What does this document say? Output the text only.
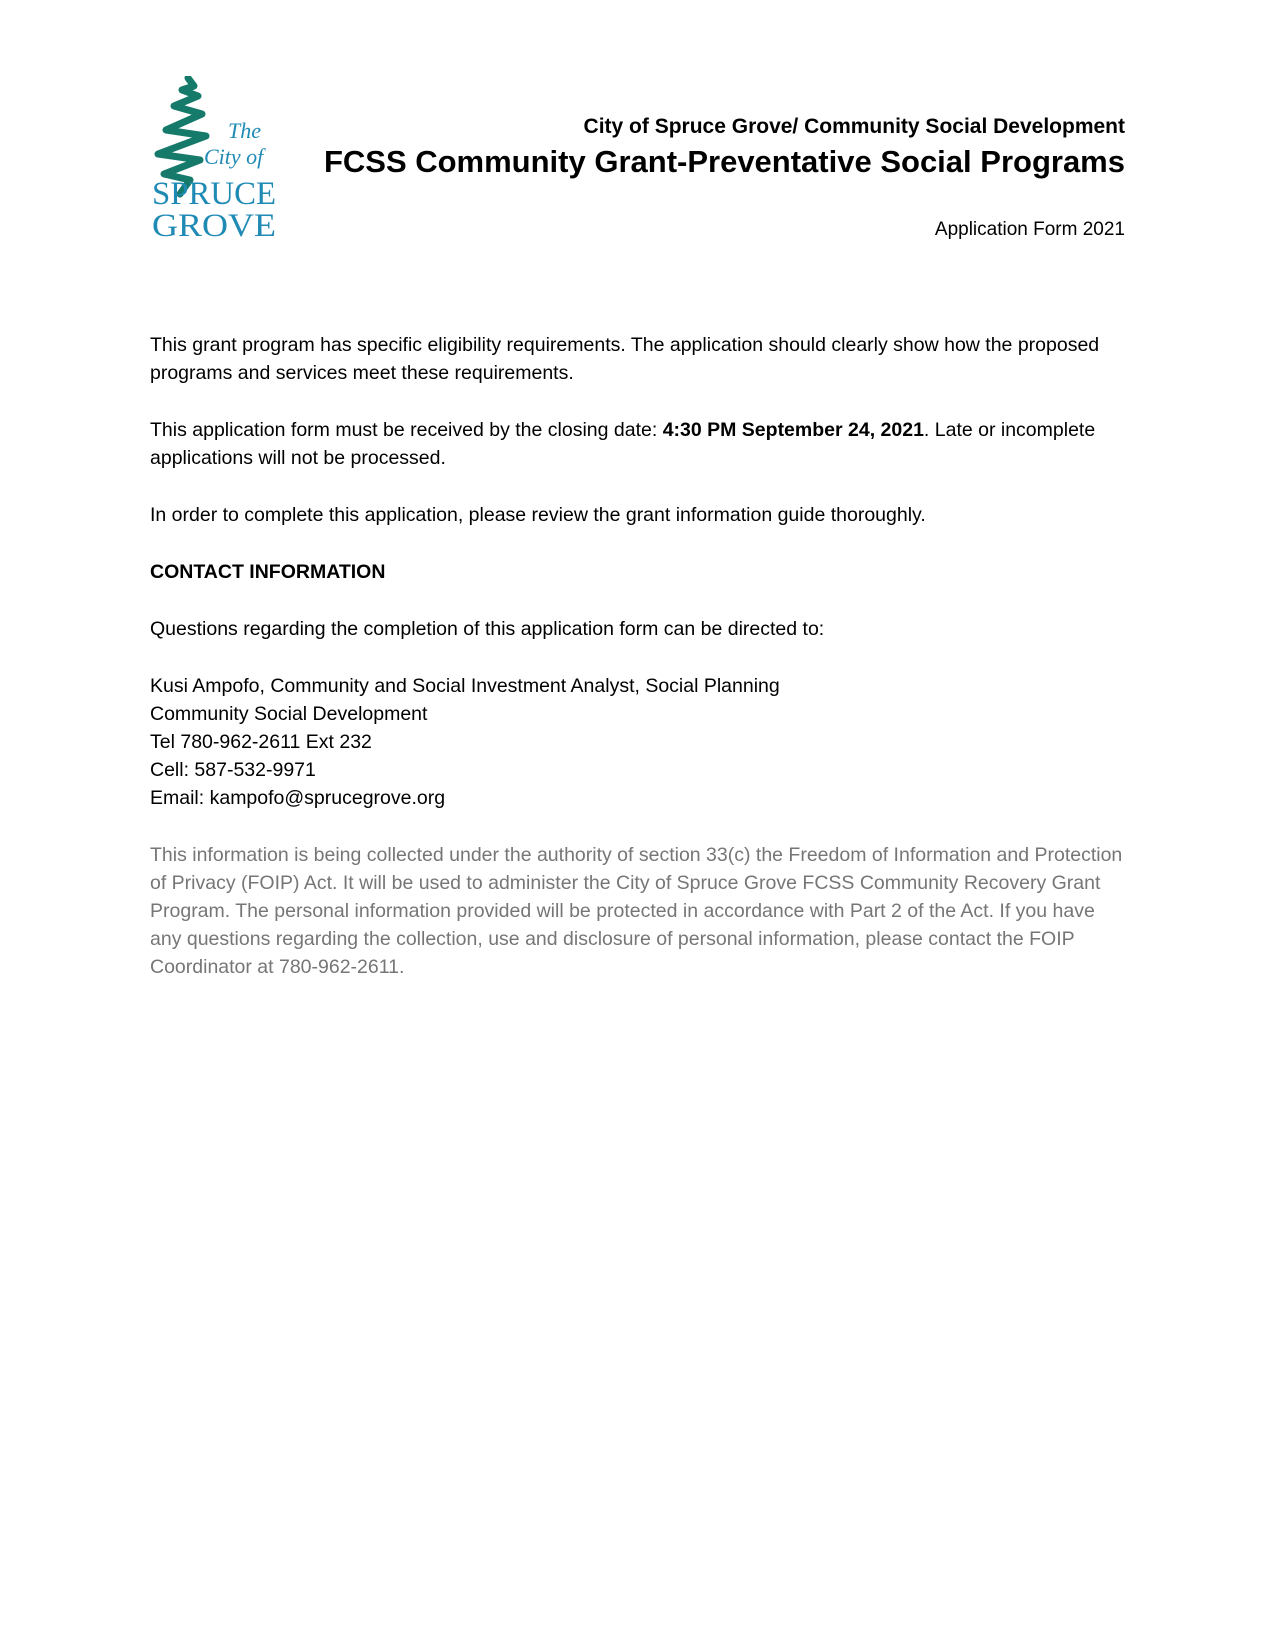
The
City of
SPRUCE
GROVE
City of Spruce Grove/ Community Social Development
FCSS Community Grant-Preventative Social Programs
Application Form 2021

This grant program has specific eligibility requirements. The application should clearly show how the proposed programs and services meet these requirements.

This application form must be received by the closing date: 4:30 PM September 24, 2021. Late or incomplete applications will not be processed.

In order to complete this application, please review the grant information guide thoroughly.

CONTACT INFORMATION

Questions regarding the completion of this application form can be directed to:

Kusi Ampofo, Community and Social Investment Analyst, Social Planning
Community Social Development
Tel 780-962-2611 Ext 232
Cell: 587-532-9971
Email: kampofo@sprucegrove.org

This information is being collected under the authority of section 33(c) the Freedom of Information and Protection of Privacy (FOIP) Act. It will be used to administer the City of Spruce Grove FCSS Community Recovery Grant Program. The personal information provided will be protected in accordance with Part 2 of the Act. If you have any questions regarding the collection, use and disclosure of personal information, please contact the FOIP Coordinator at 780-962-2611.
